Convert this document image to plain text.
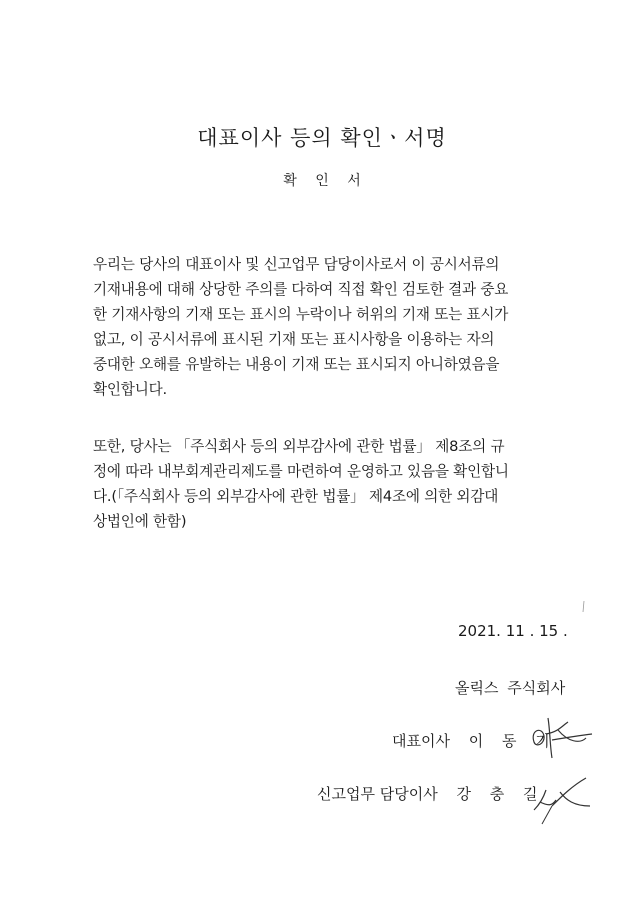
대표이사 등의 확인ㆍ서명
확 인 서
우리는 당사의 대표이사 및 신고업무 담당이사로서 이 공시서류의
기재내용에 대해 상당한 주의를 다하여 직접 확인 검토한 결과 중요
한 기재사항의 기재 또는 표시의 누락이나 허위의 기재 또는 표시가
없고, 이 공시서류에 표시된 기재 또는 표시사항을 이용하는 자의
중대한 오해를 유발하는 내용이 기재 또는 표시되지 아니하였음을
확인합니다.
또한, 당사는 「주식회사 등의 외부감사에 관한 법률」 제8조의 규
정에 따라 내부회계관리제도를 마련하여 운영하고 있음을 확인합니
다.(「주식회사 등의 외부감사에 관한 법률」 제4조에 의한 외감대
상법인에 한함)
2021. 11 . 15 .
올릭스 주식회사
대표이사 이 동 기
신고업무 담당이사 강 충 길
